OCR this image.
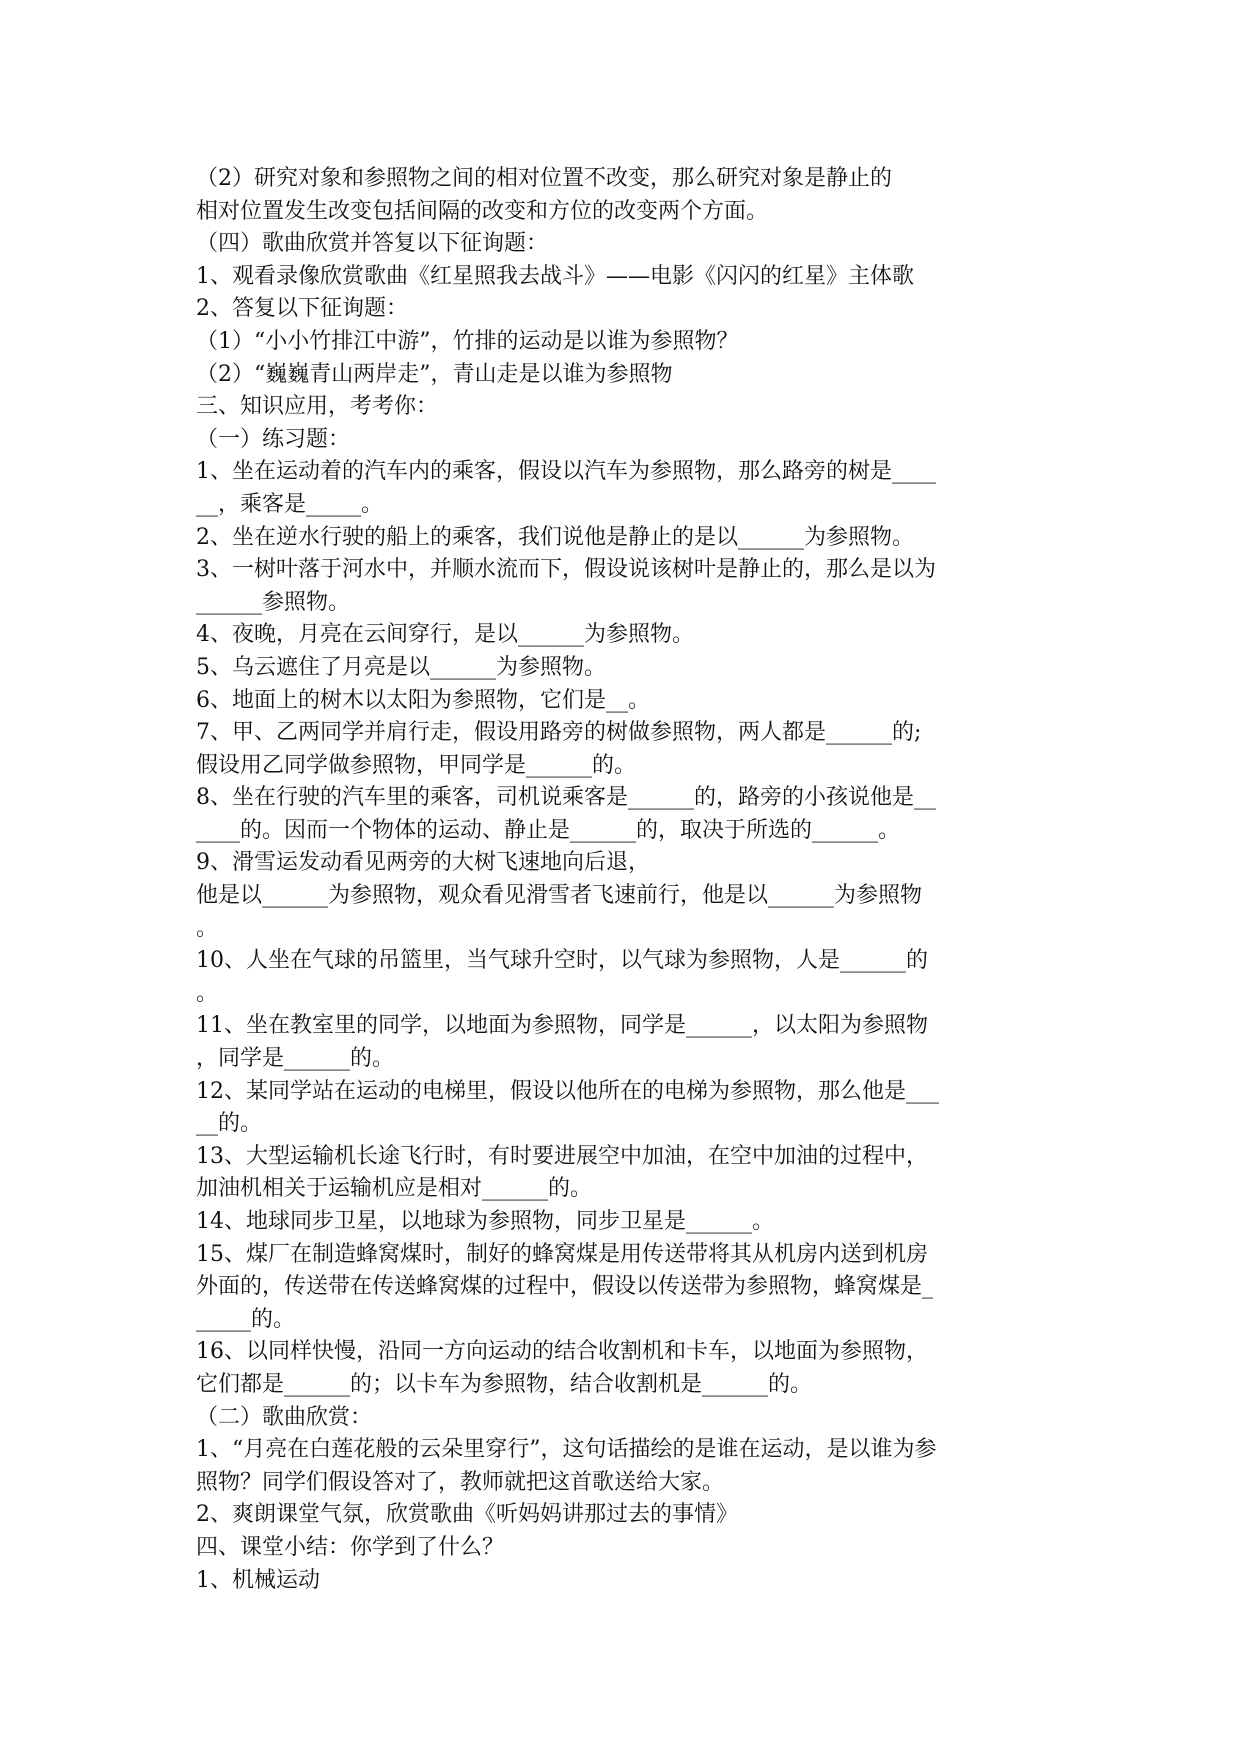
（2）研究对象和参照物之间的相对位置不改变，那么研究对象是静止的
相对位置发生改变包括间隔的改变和方位的改变两个方面。
（四）歌曲欣赏并答复以下征询题：
1、观看录像欣赏歌曲《红星照我去战斗》——电影《闪闪的红星》主体歌
2、答复以下征询题：
（1）“小小竹排江中游”，竹排的运动是以谁为参照物？
（2）“巍巍青山两岸走”，青山走是以谁为参照物
三、知识应用，考考你：
（一）练习题：
1、坐在运动着的汽车内的乘客，假设以汽车为参照物，那么路旁的树是____
__，乘客是_____。
2、坐在逆水行驶的船上的乘客，我们说他是静止的是以______为参照物。
3、一树叶落于河水中，并顺水流而下，假设说该树叶是静止的，那么是以为
______参照物。
4、夜晚，月亮在云间穿行，是以______为参照物。
5、乌云遮住了月亮是以______为参照物。
6、地面上的树木以太阳为参照物，它们是__。
7、甲、乙两同学并肩行走，假设用路旁的树做参照物，两人都是______的;
假设用乙同学做参照物，甲同学是______的。
8、坐在行驶的汽车里的乘客，司机说乘客是______的，路旁的小孩说他是__
____的。因而一个物体的运动、静止是______的，取决于所选的______。
9、滑雪运发动看见两旁的大树飞速地向后退，
他是以______为参照物，观众看见滑雪者飞速前行，他是以______为参照物
。
10、人坐在气球的吊篮里，当气球升空时，以气球为参照物，人是______的
。
11、坐在教室里的同学，以地面为参照物，同学是______，以太阳为参照物
，同学是______的。
12、某同学站在运动的电梯里，假设以他所在的电梯为参照物，那么他是___
__的。
13、大型运输机长途飞行时，有时要进展空中加油，在空中加油的过程中，
加油机相关于运输机应是相对______的。
14、地球同步卫星，以地球为参照物，同步卫星是______。
15、煤厂在制造蜂窝煤时，制好的蜂窝煤是用传送带将其从机房内送到机房
外面的，传送带在传送蜂窝煤的过程中，假设以传送带为参照物，蜂窝煤是_
_____的。
16、以同样快慢，沿同一方向运动的结合收割机和卡车，以地面为参照物，
它们都是______的；以卡车为参照物，结合收割机是______的。
（二）歌曲欣赏：
1、“月亮在白莲花般的云朵里穿行”，这句话描绘的是谁在运动，是以谁为参
照物？同学们假设答对了，教师就把这首歌送给大家。
2、爽朗课堂气氛，欣赏歌曲《听妈妈讲那过去的事情》
四、课堂小结：你学到了什么？
1、机械运动
